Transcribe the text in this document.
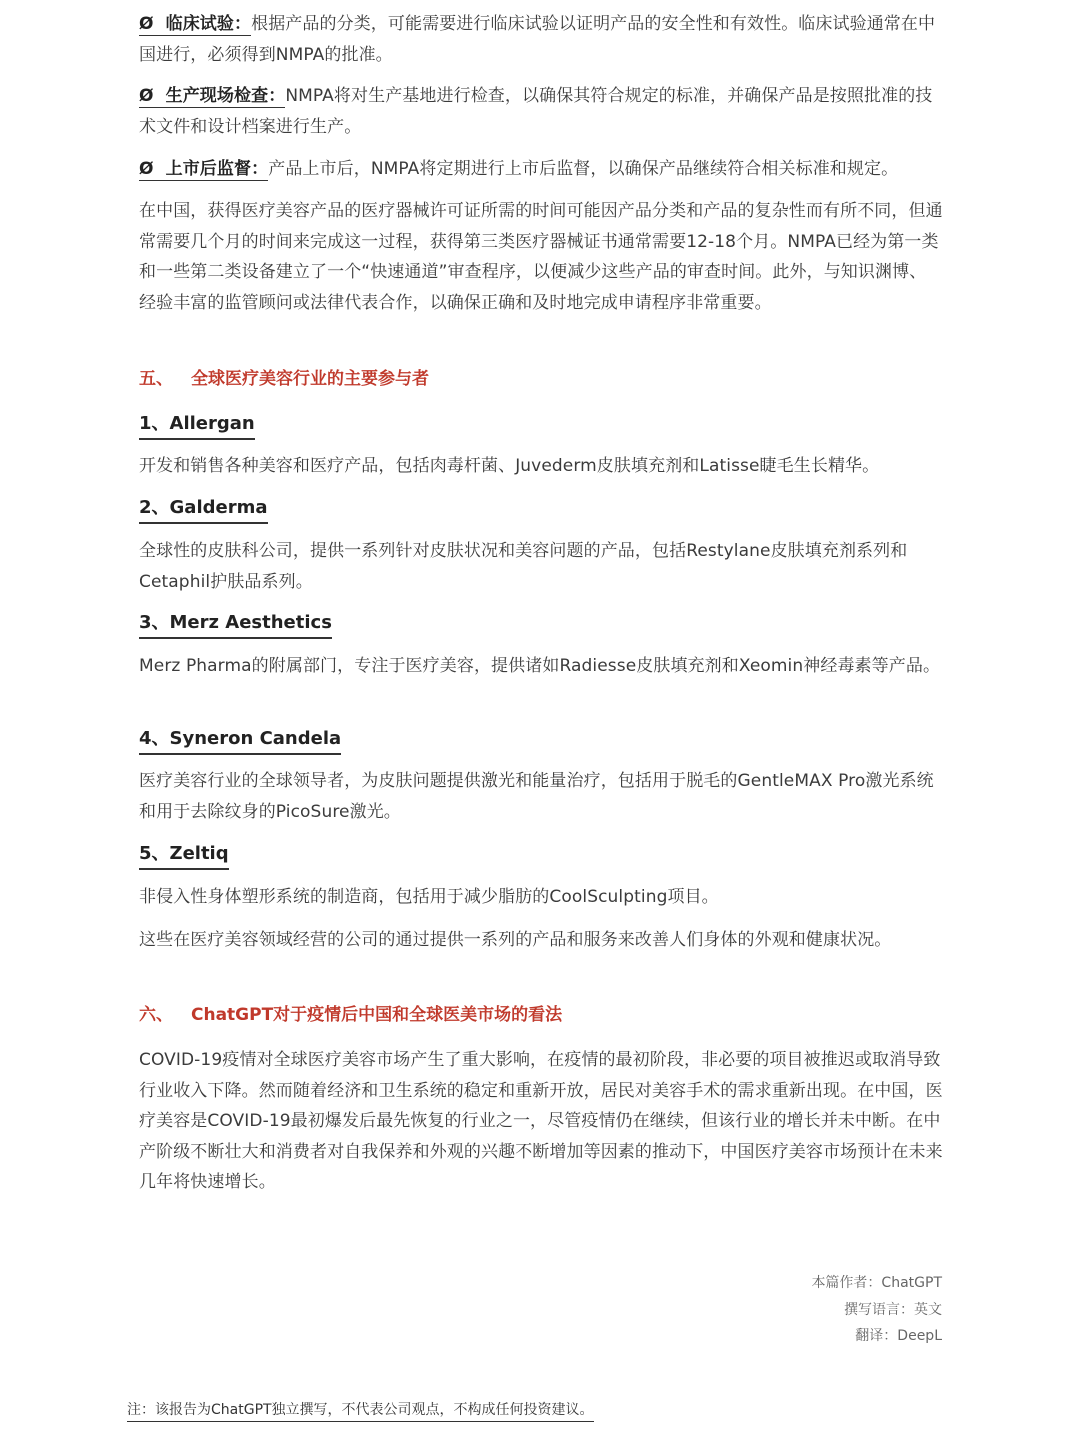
Ø 临床试验：根据产品的分类，可能需要进行临床试验以证明产品的安全性和有效性。临床试验通常在中国进行，必须得到NMPA的批准。

Ø 生产现场检查：NMPA将对生产基地进行检查，以确保其符合规定的标准，并确保产品是按照批准的技术文件和设计档案进行生产。

Ø 上市后监督：产品上市后，NMPA将定期进行上市后监督，以确保产品继续符合相关标准和规定。

在中国，获得医疗美容产品的医疗器械许可证所需的时间可能因产品分类和产品的复杂性而有所不同，但通常需要几个月的时间来完成这一过程，获得第三类医疗器械证书通常需要12-18个月。NMPA已经为第一类和一些第二类设备建立了一个“快速通道”审查程序，以便减少这些产品的审查时间。此外，与知识渊博、经验丰富的监管顾问或法律代表合作，以确保正确和及时地完成申请程序非常重要。

五、 全球医疗美容行业的主要参与者
1、Allergan

开发和销售各种美容和医疗产品，包括肉毒杆菌、Juvederm皮肤填充剂和Latisse睫毛生长精华。

2、Galderma

全球性的皮肤科公司，提供一系列针对皮肤状况和美容问题的产品，包括Restylane皮肤填充剂系列和Cetaphil护肤品系列。

3、Merz Aesthetics

Merz Pharma的附属部门，专注于医疗美容，提供诸如Radiesse皮肤填充剂和Xeomin神经毒素等产品。

4、Syneron Candela

医疗美容行业的全球领导者，为皮肤问题提供激光和能量治疗，包括用于脱毛的GentleMAX Pro激光系统和用于去除纹身的PicoSure激光。

5、Zeltiq

非侵入性身体塑形系统的制造商，包括用于减少脂肪的CoolSculpting项目。

这些在医疗美容领域经营的公司的通过提供一系列的产品和服务来改善人们身体的外观和健康状况。

六、 ChatGPT对于疫情后中国和全球医美市场的看法

COVID-19疫情对全球医疗美容市场产生了重大影响，在疫情的最初阶段，非必要的项目被推迟或取消导致行业收入下降。然而随着经济和卫生系统的稳定和重新开放，居民对美容手术的需求重新出现。在中国，医疗美容是COVID-19最初爆发后最先恢复的行业之一，尽管疫情仍在继续，但该行业的增长并未中断。在中产阶级不断壮大和消费者对自我保养和外观的兴趣不断增加等因素的推动下，中国医疗美容市场预计在未来几年将快速增长。

本篇作者：ChatGPT
撰写语言：英文
翻译：DeepL
注：该报告为ChatGPT独立撰写，不代表公司观点，不构成任何投资建议。
